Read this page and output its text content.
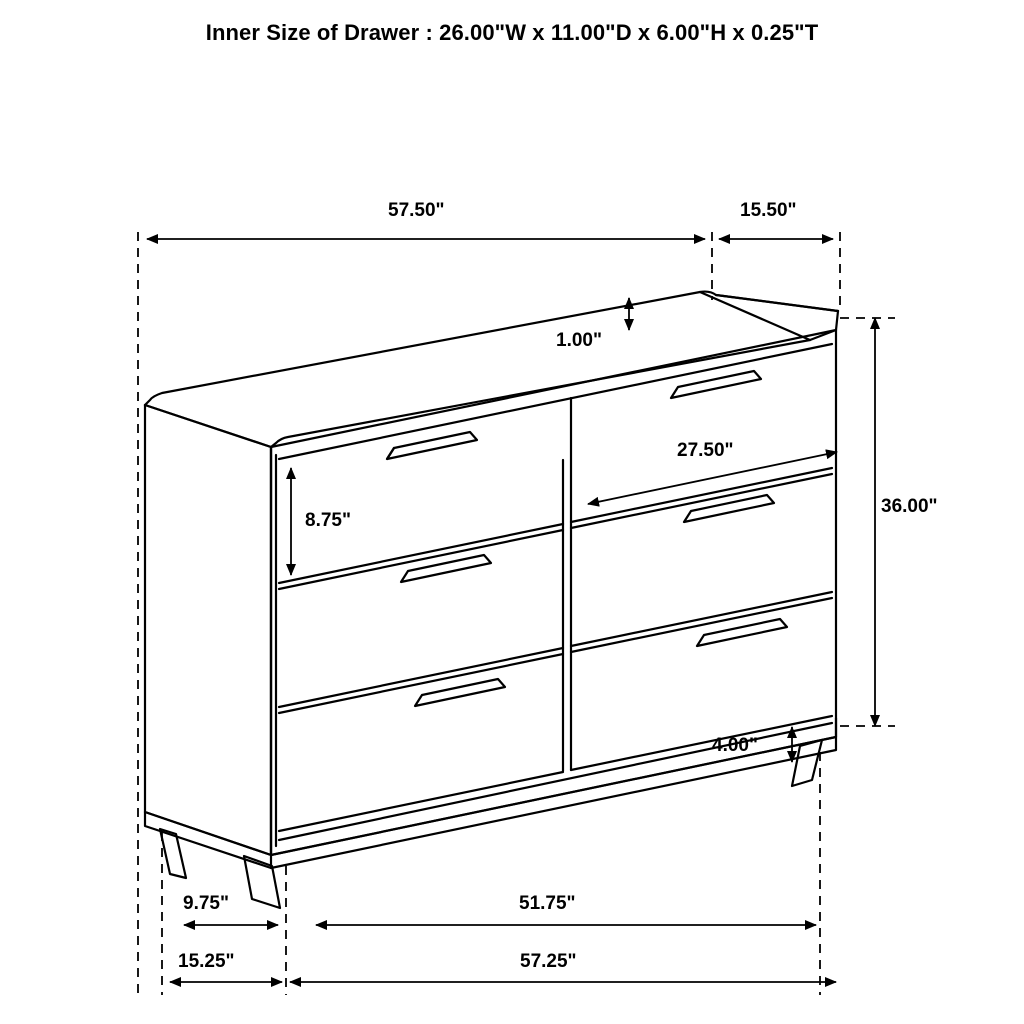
Inner Size of Drawer : 26.00"W x 11.00"D x 6.00"H x 0.25"T
57.50"	15.50"
1.00"
27.50"
8.75"
36.00"
4.00"
9.75"
15.25"
51.75"
57.25"
